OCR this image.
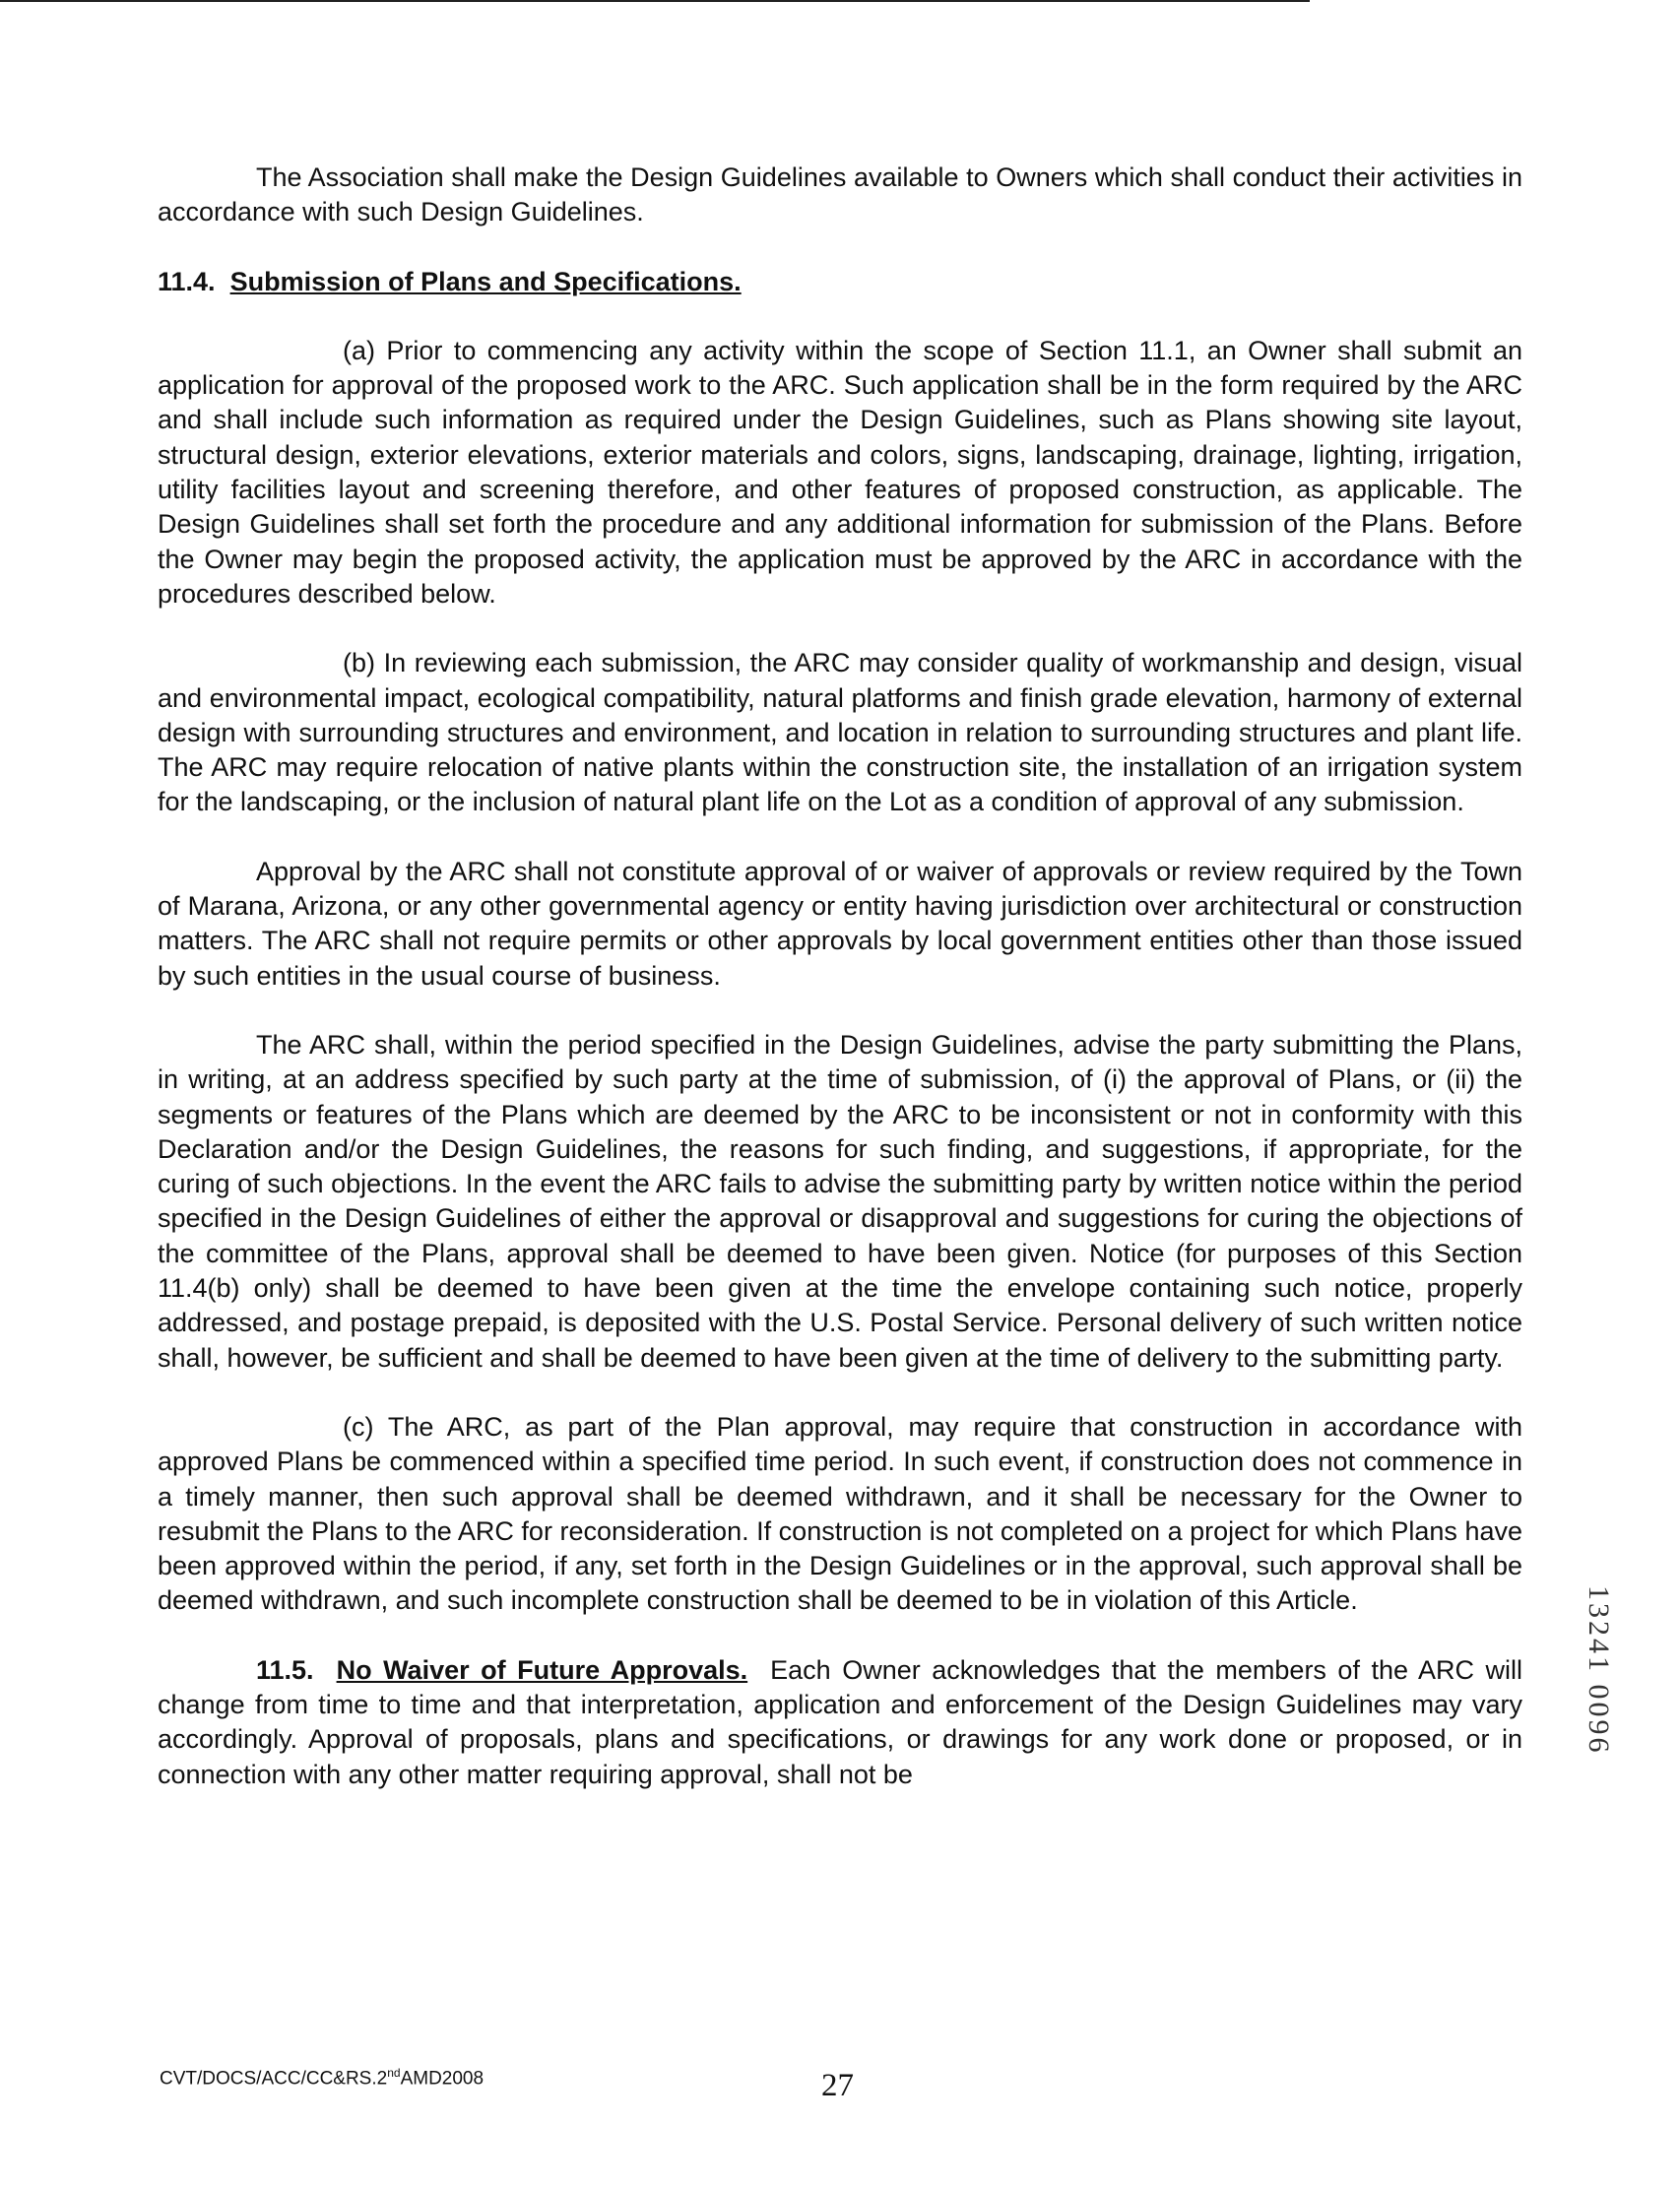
The Association shall make the Design Guidelines available to Owners which shall conduct their activities in accordance with such Design Guidelines.

11.4. Submission of Plans and Specifications.

(a) Prior to commencing any activity within the scope of Section 11.1, an Owner shall submit an application for approval of the proposed work to the ARC. Such application shall be in the form required by the ARC and shall include such information as required under the Design Guidelines, such as Plans showing site layout, structural design, exterior elevations, exterior materials and colors, signs, landscaping, drainage, lighting, irrigation, utility facilities layout and screening therefore, and other features of proposed construction, as applicable. The Design Guidelines shall set forth the procedure and any additional information for submission of the Plans. Before the Owner may begin the proposed activity, the application must be approved by the ARC in accordance with the procedures described below.

(b) In reviewing each submission, the ARC may consider quality of workmanship and design, visual and environmental impact, ecological compatibility, natural platforms and finish grade elevation, harmony of external design with surrounding structures and environment, and location in relation to surrounding structures and plant life. The ARC may require relocation of native plants within the construction site, the installation of an irrigation system for the landscaping, or the inclusion of natural plant life on the Lot as a condition of approval of any submission.

Approval by the ARC shall not constitute approval of or waiver of approvals or review required by the Town of Marana, Arizona, or any other governmental agency or entity having jurisdiction over architectural or construction matters. The ARC shall not require permits or other approvals by local government entities other than those issued by such entities in the usual course of business.

The ARC shall, within the period specified in the Design Guidelines, advise the party submitting the Plans, in writing, at an address specified by such party at the time of submission, of (i) the approval of Plans, or (ii) the segments or features of the Plans which are deemed by the ARC to be inconsistent or not in conformity with this Declaration and/or the Design Guidelines, the reasons for such finding, and suggestions, if appropriate, for the curing of such objections. In the event the ARC fails to advise the submitting party by written notice within the period specified in the Design Guidelines of either the approval or disapproval and suggestions for curing the objections of the committee of the Plans, approval shall be deemed to have been given. Notice (for purposes of this Section 11.4(b) only) shall be deemed to have been given at the time the envelope containing such notice, properly addressed, and postage prepaid, is deposited with the U.S. Postal Service. Personal delivery of such written notice shall, however, be sufficient and shall be deemed to have been given at the time of delivery to the submitting party.

(c) The ARC, as part of the Plan approval, may require that construction in accordance with approved Plans be commenced within a specified time period. In such event, if construction does not commence in a timely manner, then such approval shall be deemed withdrawn, and it shall be necessary for the Owner to resubmit the Plans to the ARC for reconsideration. If construction is not completed on a project for which Plans have been approved within the period, if any, set forth in the Design Guidelines or in the approval, such approval shall be deemed withdrawn, and such incomplete construction shall be deemed to be in violation of this Article.

11.5. No Waiver of Future Approvals. Each Owner acknowledges that the members of the ARC will change from time to time and that interpretation, application and enforcement of the Design Guidelines may vary accordingly. Approval of proposals, plans and specifications, or drawings for any work done or proposed, or in connection with any other matter requiring approval, shall not be

CVT/DOCS/ACC/CC&RS.2ndAMD2008	27
13241 0096
